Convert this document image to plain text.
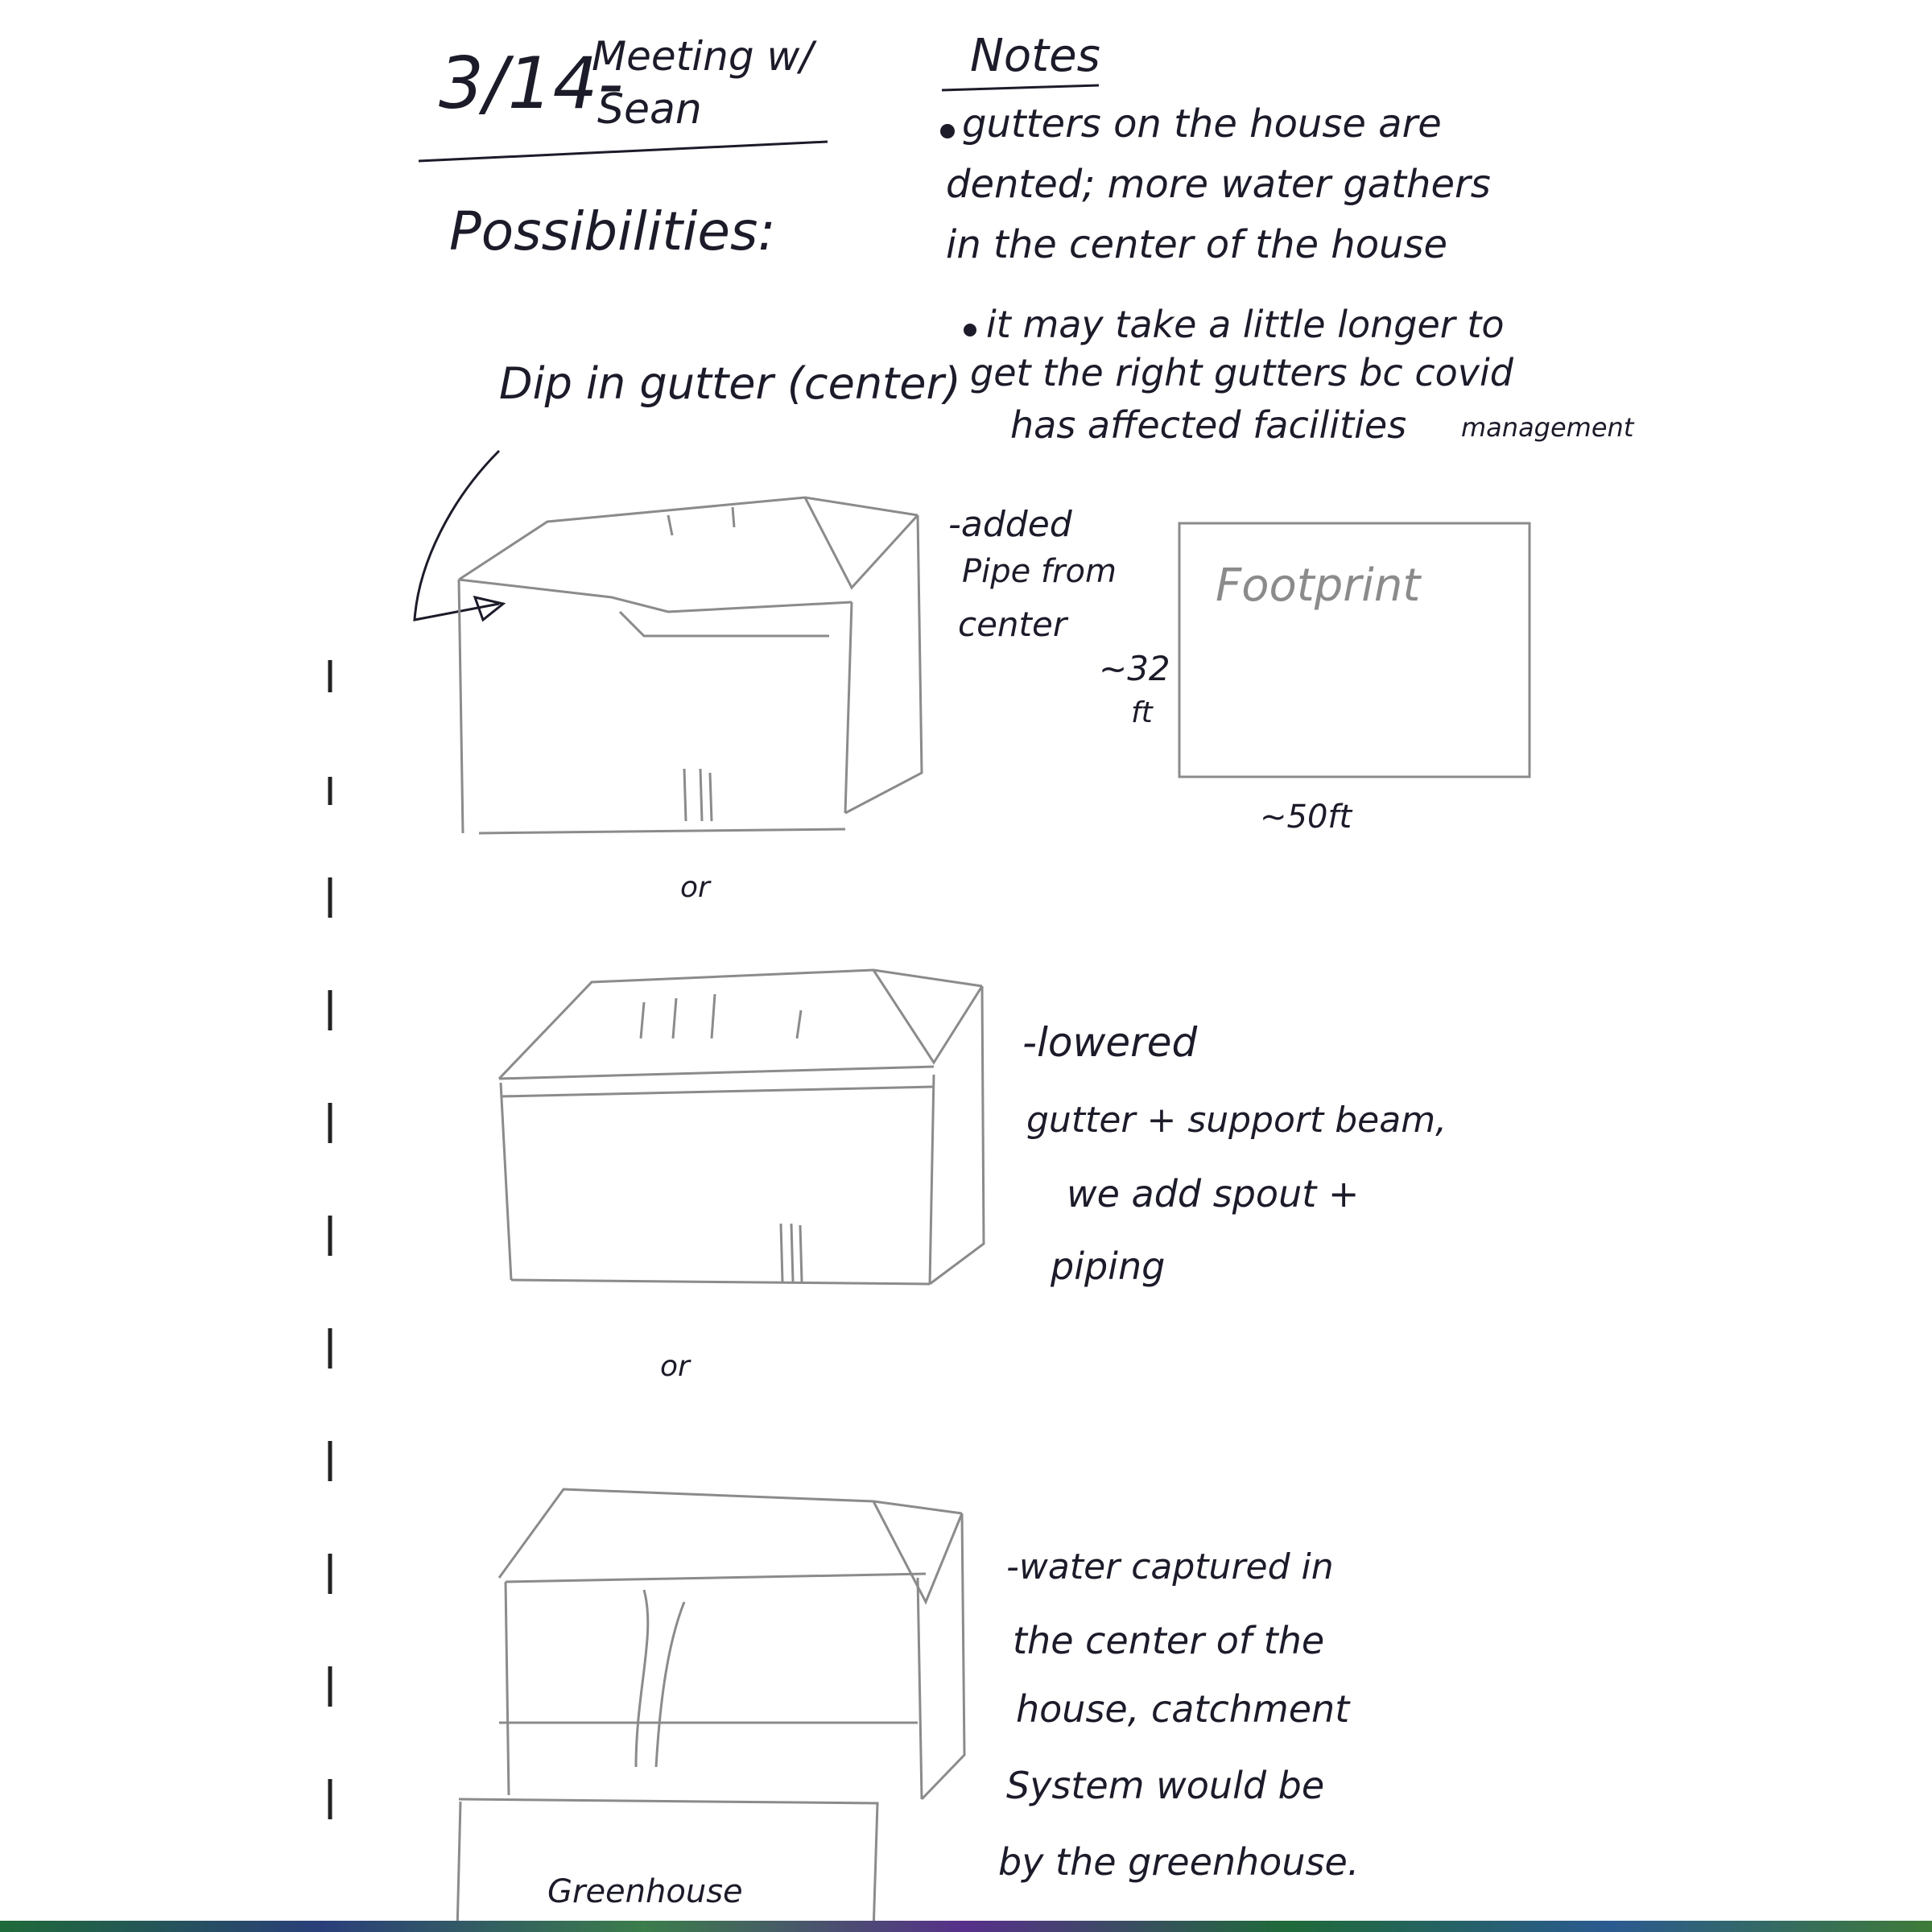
3/14-
Meeting w/
Sean
Possibilities:
Dip in gutter (center)
Notes
gutters on the house are
dented; more water gathers
in the center of the house
it may take a little longer to
get the right gutters bc covid
has affected facilities management
-added
Pipe from
center
Footprint
~32
ft
~50ft
or
-lowered
gutter + support beam,
we add spout +
piping
or
-water captured in
the center of the
house, catchment
System would be
by the greenhouse.
Greenhouse
